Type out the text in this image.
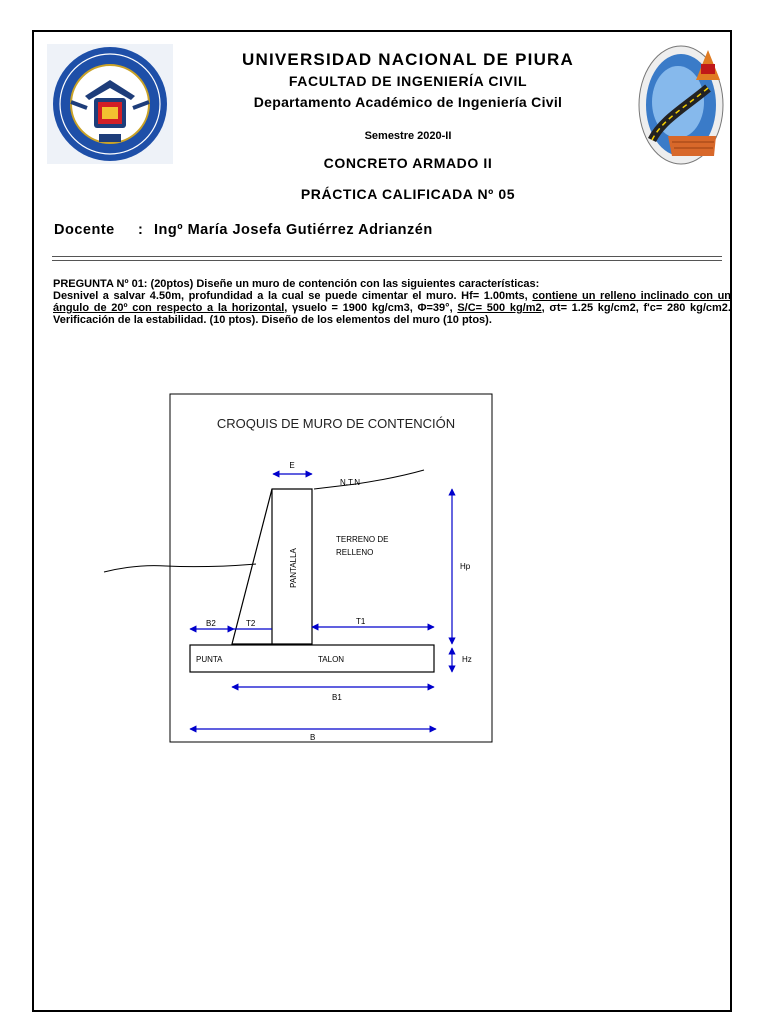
UNIVERSIDAD NACIONAL DE PIURA
FACULTAD DE INGENIERÍA CIVIL
Departamento Académico de Ingeniería Civil
Semestre 2020-II
CONCRETO ARMADO II
PRÁCTICA CALIFICADA Nº 05
Docente : Ingº María Josefa Gutiérrez Adrianzén
PREGUNTA Nº 01: (20ptos) Diseñe un muro de contención con las siguientes características:
Desnivel a salvar 4.50m, profundidad a la cual se puede cimentar el muro. Hf= 1.00mts, contiene un relleno inclinado con un ángulo de 20º con respecto a la horizontal, γsuelo = 1900 kg/cm3, Φ=39°, S/C= 500 kg/m2, σt= 1.25 kg/cm2, f'c= 280 kg/cm2. Verificación de la estabilidad. (10 ptos). Diseño de los elementos del muro (10 ptos).
CROQUIS DE MURO DE CONTENCIÓN
E
N.T.N
TERRENO DE
RELLENO
PANTALLA	Hp
B2	T2	T1
PUNTA	TALON	Hz
B1
B
